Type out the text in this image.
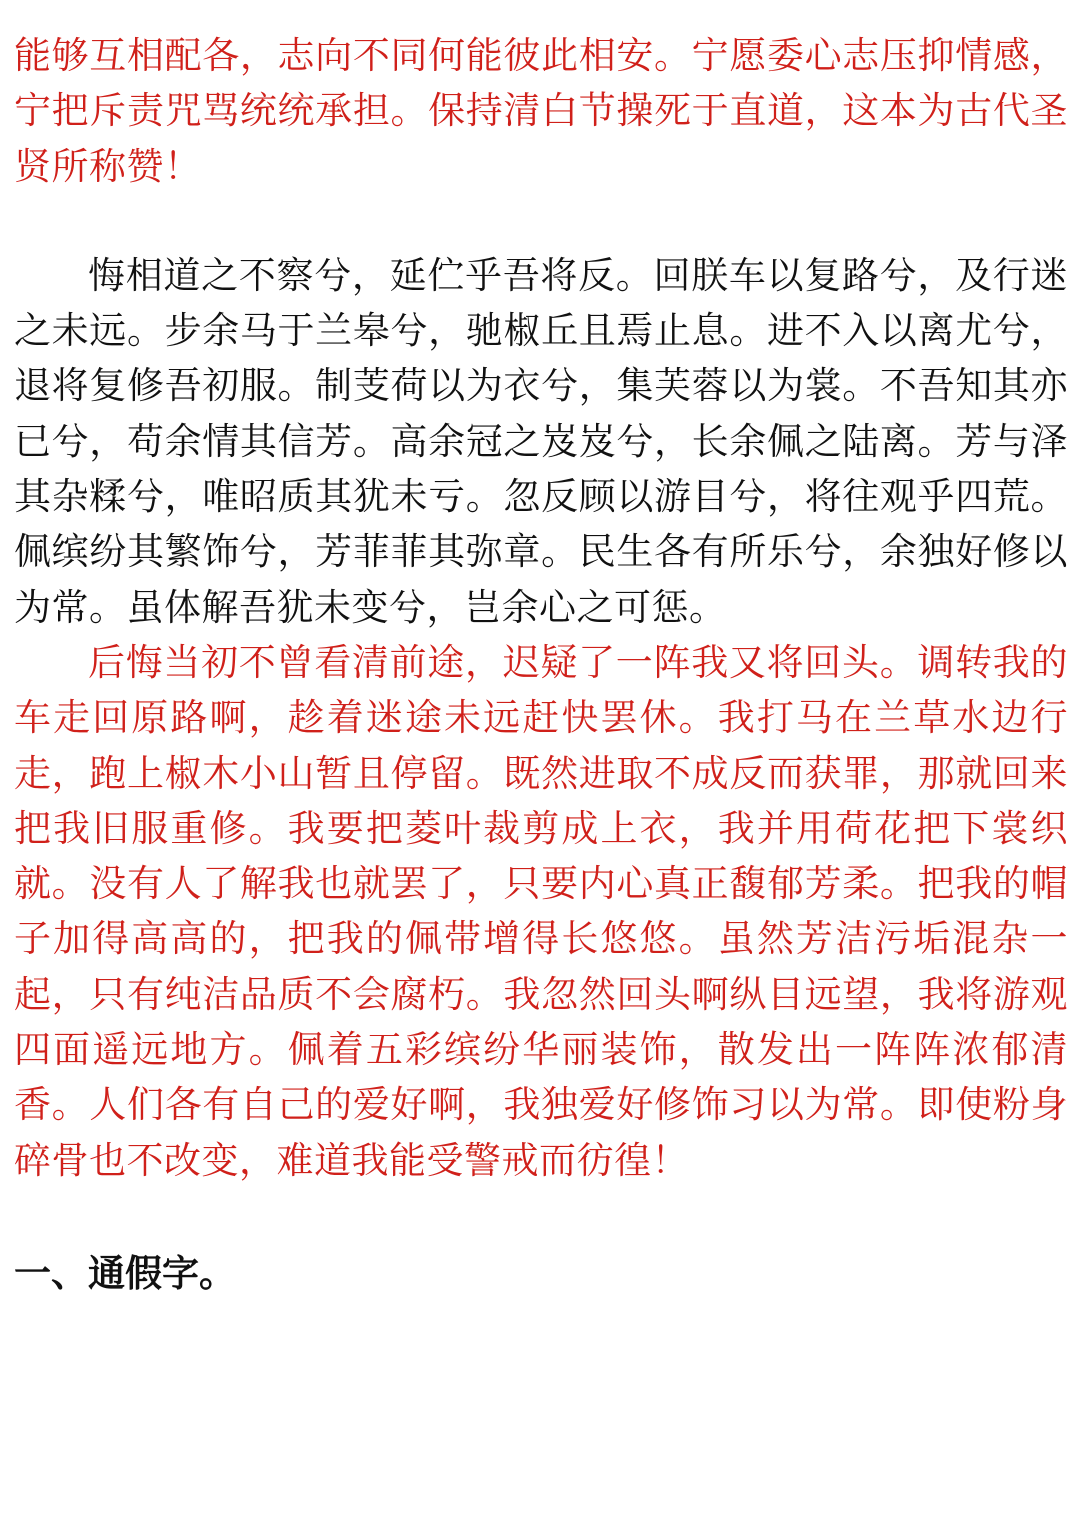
能够互相配各，志向不同何能彼此相安。宁愿委心志压抑情感，宁把斥责咒骂统统承担。保持清白节操死于直道，这本为古代圣贤所称赞！

悔相道之不察兮，延伫乎吾将反。回朕车以复路兮，及行迷之未远。步余马于兰皋兮，驰椒丘且焉止息。进不入以离尤兮，退将复修吾初服。制芰荷以为衣兮，集芙蓉以为裳。不吾知其亦已兮，苟余情其信芳。高余冠之岌岌兮，长余佩之陆离。芳与泽其杂糅兮，唯昭质其犹未亏。忽反顾以游目兮，将往观乎四荒。佩缤纷其繁饰兮，芳菲菲其弥章。民生各有所乐兮，余独好修以为常。虽体解吾犹未变兮，岂余心之可惩。

后悔当初不曾看清前途，迟疑了一阵我又将回头。调转我的车走回原路啊，趁着迷途未远赶快罢休。我打马在兰草水边行走，跑上椒木小山暂且停留。既然进取不成反而获罪，那就回来把我旧服重修。我要把菱叶裁剪成上衣，我并用荷花把下裳织就。没有人了解我也就罢了，只要内心真正馥郁芳柔。把我的帽子加得高高的，把我的佩带增得长悠悠。虽然芳洁污垢混杂一起，只有纯洁品质不会腐朽。我忽然回头啊纵目远望，我将游观四面遥远地方。佩着五彩缤纷华丽装饰，散发出一阵阵浓郁清香。人们各有自己的爱好啊，我独爱好修饰习以为常。即使粉身碎骨也不改变，难道我能受警戒而彷徨！

一、通假字。
